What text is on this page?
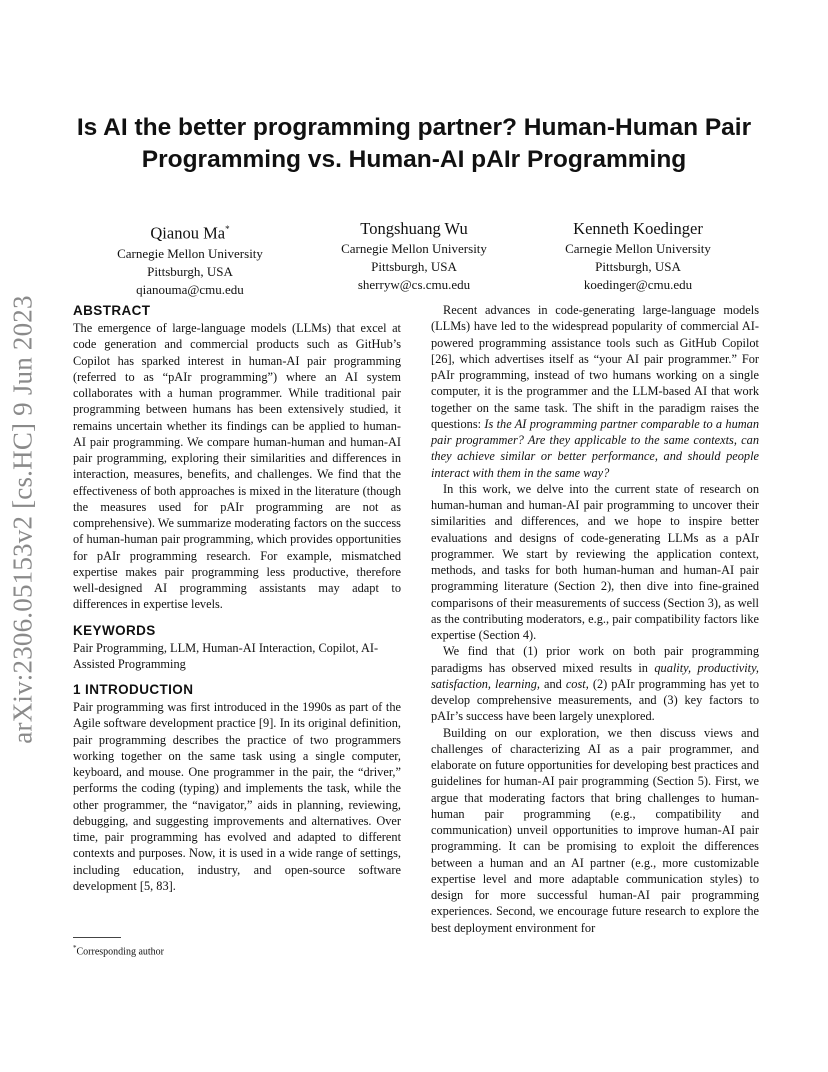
arXiv:2306.05153v2 [cs.HC] 9 Jun 2023
Is AI the better programming partner? Human-Human Pair Programming vs. Human-AI pAIr Programming
Qianou Ma*
Carnegie Mellon University
Pittsburgh, USA
qianouma@cmu.edu
Tongshuang Wu
Carnegie Mellon University
Pittsburgh, USA
sherryw@cs.cmu.edu
Kenneth Koedinger
Carnegie Mellon University
Pittsburgh, USA
koedinger@cmu.edu
ABSTRACT

The emergence of large-language models (LLMs) that excel at code generation and commercial products such as GitHub’s Copilot has sparked interest in human-AI pair programming (referred to as “pAIr programming”) where an AI system collaborates with a human programmer. While traditional pair programming between humans has been extensively studied, it remains uncertain whether its findings can be applied to human-AI pair programming. We compare human-human and human-AI pair programming, exploring their similarities and differences in interaction, measures, benefits, and challenges. We find that the effectiveness of both approaches is mixed in the literature (though the measures used for pAIr programming are not as comprehensive). We summarize moderating factors on the success of human-human pair programming, which provides opportunities for pAIr programming research. For example, mismatched expertise makes pair programming less productive, therefore well-designed AI programming assistants may adapt to differences in expertise levels.

KEYWORDS

Pair Programming, LLM, Human-AI Interaction, Copilot, AI-Assisted Programming

1 INTRODUCTION

Pair programming was first introduced in the 1990s as part of the Agile software development practice [9]. In its original definition, pair programming describes the practice of two programmers working together on the same task using a single computer, keyboard, and mouse. One programmer in the pair, the “driver,” performs the coding (typing) and implements the task, while the other programmer, the “navigator,” aids in planning, reviewing, debugging, and suggesting improvements and alternatives. Over time, pair programming has evolved and adapted to different contexts and purposes. Now, it is used in a wide range of settings, including education, industry, and open-source software development [5, 83].

Recent advances in code-generating large-language models (LLMs) have led to the widespread popularity of commercial AI-powered programming assistance tools such as GitHub Copilot [26], which advertises itself as “your AI pair programmer.” For pAIr programming, instead of two humans working on a single computer, it is the programmer and the LLM-based AI that work together on the same task. The shift in the paradigm raises the questions: Is the AI programming partner comparable to a human pair programmer? Are they applicable to the same contexts, can they achieve similar or better performance, and should people interact with them in the same way?

In this work, we delve into the current state of research on human-human and human-AI pair programming to uncover their similarities and differences, and we hope to inspire better evaluations and designs of code-generating LLMs as a pAIr programmer. We start by reviewing the application context, methods, and tasks for both human-human and human-AI pair programming literature (Section 2), then dive into fine-grained comparisons of their measurements of success (Section 3), as well as the contributing moderators, e.g., pair compatibility factors like expertise (Section 4).

We find that (1) prior work on both pair programming paradigms has observed mixed results in quality, productivity, satisfaction, learning, and cost, (2) pAIr programming has yet to develop comprehensive measurements, and (3) key factors to pAIr’s success have been largely unexplored.

Building on our exploration, we then discuss views and challenges of characterizing AI as a pair programmer, and elaborate on future opportunities for developing best practices and guidelines for human-AI pair programming (Section 5). First, we argue that moderating factors that bring challenges to human-human pair programming (e.g., compatibility and communication) unveil opportunities to improve human-AI pair programming. It can be promising to exploit the differences between a human and an AI partner (e.g., more customizable expertise level and more adaptable communication styles) to design for more successful human-AI pair programming experiences. Second, we encourage future research to explore the best deployment environment for

*Corresponding author
